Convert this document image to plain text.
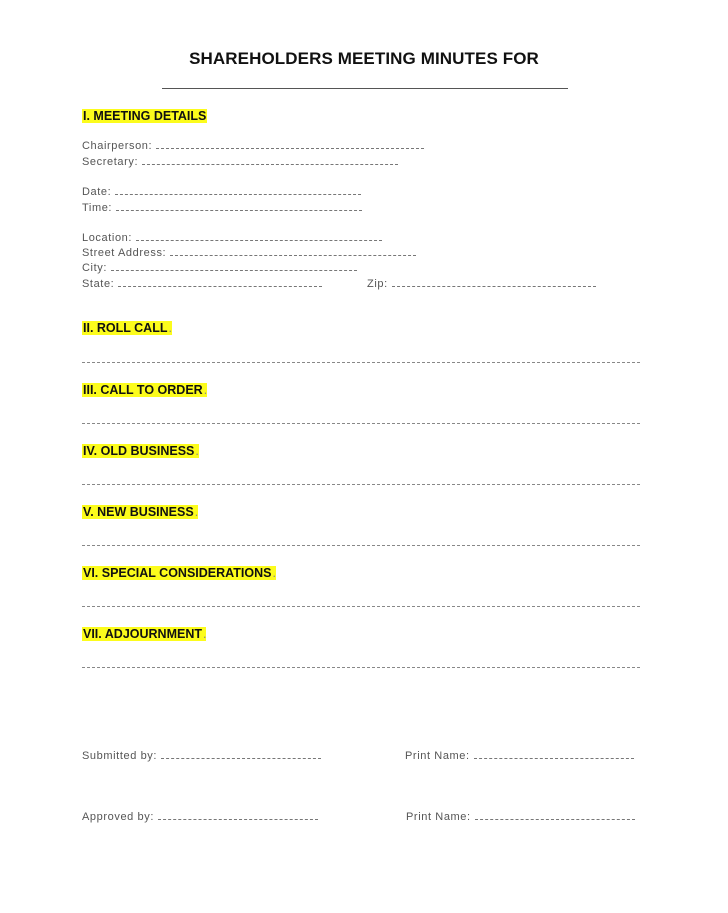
SHAREHOLDERS MEETING MINUTES FOR
I. MEETING DETAILS
Chairperson:
Secretary:
Date:
Time:
Location:
Street Address:
City:
State:	Zip:
II. ROLL CALL.
III. CALL TO ORDER.
IV. OLD BUSINESS.
V. NEW BUSINESS.
VI. SPECIAL CONSIDERATIONS.
VII. ADJOURNMENT.
Submitted by:	Print Name:
Approved by:	Print Name:
